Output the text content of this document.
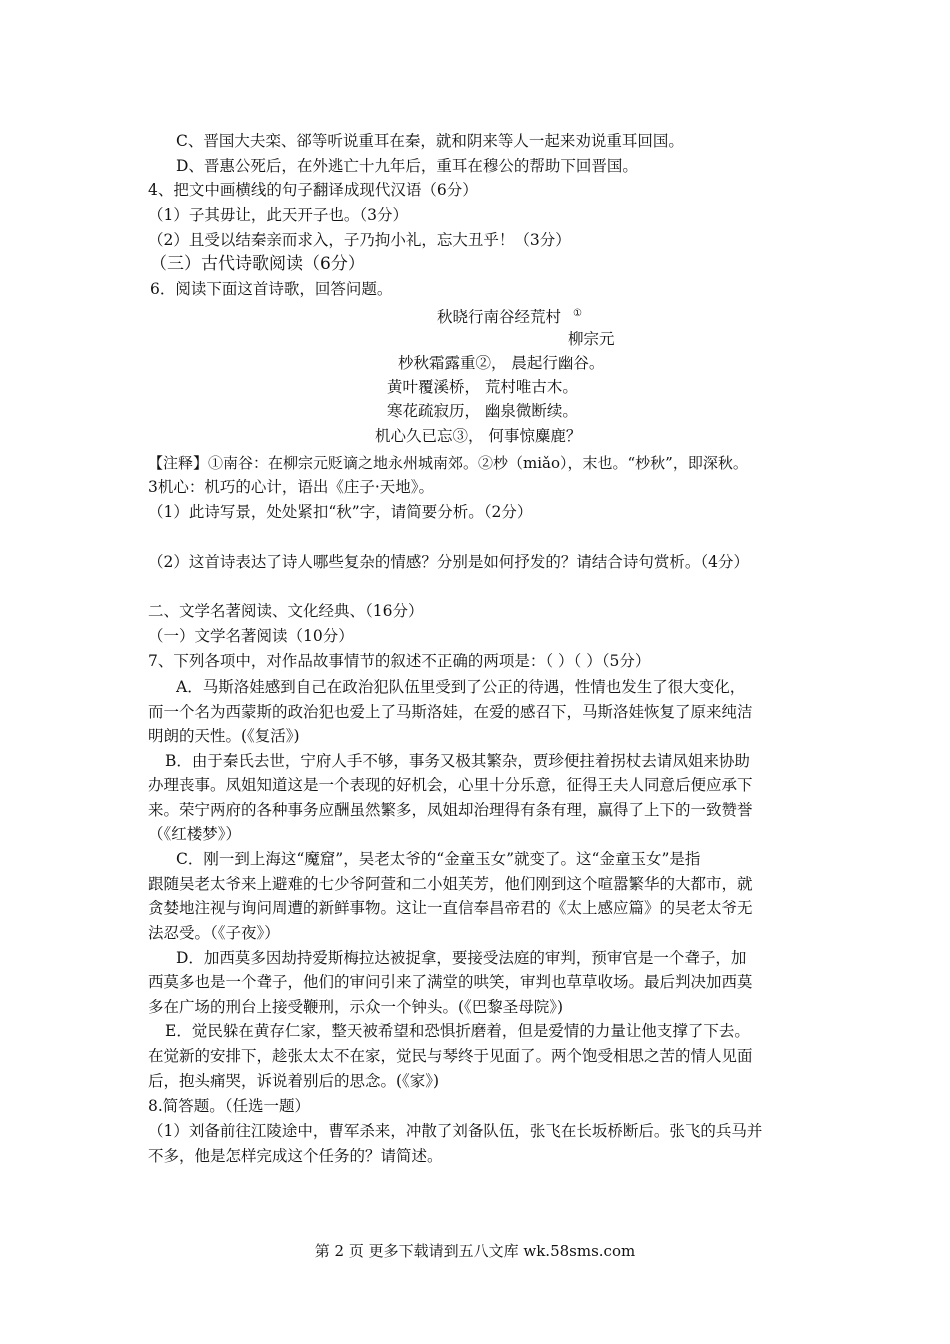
C、晋国大夫栾、郤等听说重耳在秦，就和阴来等人一起来劝说重耳回国。
D、晋惠公死后，在外逃亡十九年后，重耳在穆公的帮助下回晋国。
4、把文中画横线的句子翻译成现代汉语（6分）
（1）子其毋让，此天开子也。（3分）
（2）且受以结秦亲而求入，子乃拘小礼，忘大丑乎！（3分）
（三）古代诗歌阅读（6分）
6．阅读下面这首诗歌，回答问题。
秋晓行南谷经荒村 ①
柳宗元
杪秋霜露重②， 晨起行幽谷。
黄叶覆溪桥， 荒村唯古木。
寒花疏寂历， 幽泉微断续。
机心久已忘③， 何事惊麋鹿？
【注释】①南谷：在柳宗元贬谪之地永州城南郊。②杪（miǎo），末也。“杪秋”，即深秋。
3机心：机巧的心计，语出《庄子·天地》。
（1）此诗写景，处处紧扣“秋”字，请简要分析。（2分）
（2）这首诗表达了诗人哪些复杂的情感？分别是如何抒发的？请结合诗句赏析。（4分）
二、文学名著阅读、文化经典、（16分）
（一）文学名著阅读（10分）
7、下列各项中，对作品故事情节的叙述不正确的两项是：（ ）（ ）（5分）
A．马斯洛娃感到自己在政治犯队伍里受到了公正的待遇，性情也发生了很大变化，
而一个名为西蒙斯的政治犯也爱上了马斯洛娃，在爱的感召下，马斯洛娃恢复了原来纯洁
明朗的天性。(《复活》)
B．由于秦氏去世，宁府人手不够，事务又极其繁杂，贾珍便拄着拐杖去请凤姐来协助
办理丧事。凤姐知道这是一个表现的好机会，心里十分乐意，征得王夫人同意后便应承下
来。荣宁两府的各种事务应酬虽然繁多，凤姐却治理得有条有理，赢得了上下的一致赞誉
（《红楼梦》）
C．刚一到上海这“魔窟”，吴老太爷的“金童玉女”就变了。这“金童玉女”是指
跟随吴老太爷来上避难的七少爷阿萱和二小姐芙芳，他们刚到这个喧嚣繁华的大都市，就
贪婪地注视与询问周遭的新鲜事物。这让一直信奉昌帝君的《太上感应篇》的吴老太爷无
法忍受。（《子夜》）
D．加西莫多因劫持爱斯梅拉达被捉拿，要接受法庭的审判，预审官是一个聋子，加
西莫多也是一个聋子，他们的审问引来了满堂的哄笑，审判也草草收场。最后判决加西莫
多在广场的刑台上接受鞭刑，示众一个钟头。(《巴黎圣母院》)
E．觉民躲在黄存仁家，整天被希望和恐惧折磨着，但是爱情的力量让他支撑了下去。
在觉新的安排下，趁张太太不在家，觉民与琴终于见面了。两个饱受相思之苦的情人见面
后，抱头痛哭，诉说着别后的思念。(《家》)
8.简答题。（任选一题）
（1）刘备前往江陵途中，曹军杀来，冲散了刘备队伍，张飞在长坂桥断后。张飞的兵马并
不多，他是怎样完成这个任务的？请简述。
第 2 页 更多下载请到五八文库 wk.58sms.com
